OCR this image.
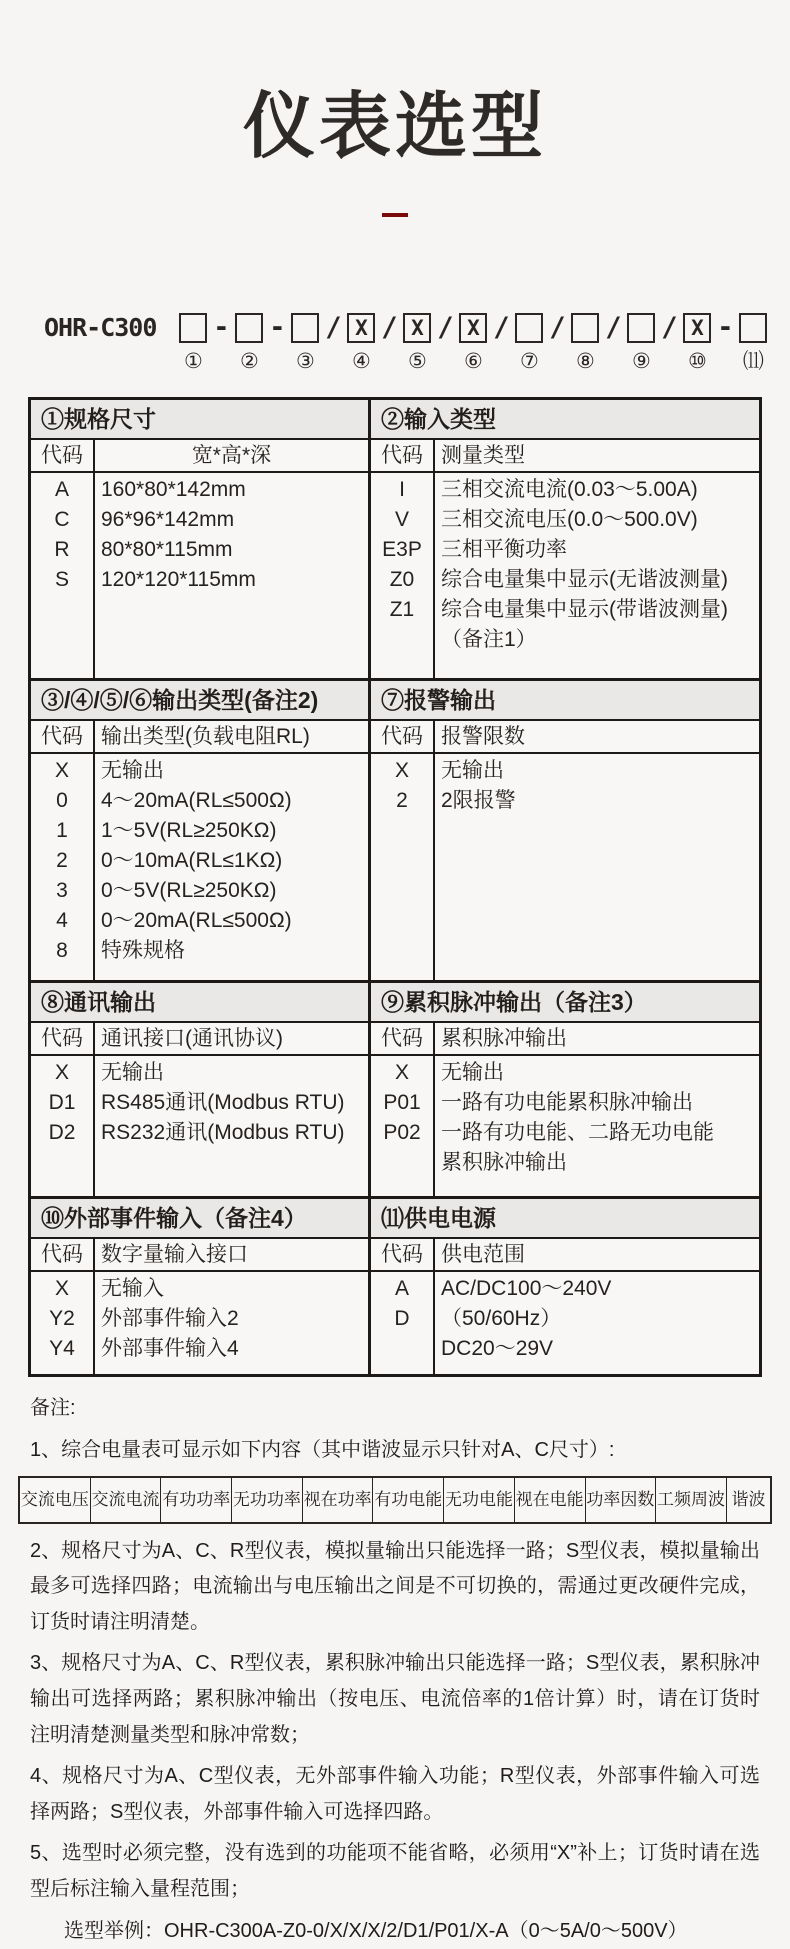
仪表选型
OHR-C300
①
-
②
-
③
/ X
④
/ X
⑤
/ X
⑥
/
⑦
/
⑧
/
⑨
/ X
⑩
-
⑾
①规格尺寸
代码	宽*高*深
A
C
R
S
160*80*142mm
96*96*142mm
80*80*115mm
120*120*115mm
②输入类型
代码 测量类型
I
V
E3P
Z0
Z1
三相交流电流(0.03～5.00A)
三相交流电压(0.0～500.0V)
三相平衡功率
综合电量集中显示(无谐波测量)
综合电量集中显示(带谐波测量)
（备注1）
③/④/⑤/⑥输出类型(备注2)
代码 输出类型(负载电阻RL)
X
0
1
2
3
4
8
无输出
4～20mA(RL≤500Ω)
1～5V(RL≥250KΩ)
0～10mA(RL≤1KΩ)
0～5V(RL≥250KΩ)
0～20mA(RL≤500Ω)
特殊规格
⑦报警输出
代码 报警限数
X
2
无输出
2限报警
⑧通讯输出
代码 通讯接口(通讯协议)
X
D1
D2
无输出
RS485通讯(Modbus RTU)
RS232通讯(Modbus RTU)
⑨累积脉冲输出（备注3）
代码 累积脉冲输出
X
P01
P02
无输出
一路有功电能累积脉冲输出
一路有功电能、二路无功电能
累积脉冲输出
⑩外部事件输入（备注4）
代码 数字量输入接口
X
Y2
Y4
无输入
外部事件输入2
外部事件输入4
⑾供电电源
代码 供电范围
A
D
AC/DC100～240V
（50/60Hz）
DC20～29V
备注:
1、综合电量表可显示如下内容（其中谐波显示只针对A、C尺寸）:
交流电压 交流电流 有功功率 无功功率 视在功率 有功电能 无功电能 视在电能 功率因数 工频周波 谐波
2、规格尺寸为A、C、R型仪表，模拟量输出只能选择一路；S型仪表，模拟量输出最多可选择四路；电流输出与电压输出之间是不可切换的，需通过更改硬件完成，订货时请注明清楚。
3、规格尺寸为A、C、R型仪表，累积脉冲输出只能选择一路；S型仪表，累积脉冲输出可选择两路；累积脉冲输出（按电压、电流倍率的1倍计算）时，请在订货时注明清楚测量类型和脉冲常数；
4、规格尺寸为A、C型仪表，无外部事件输入功能；R型仪表，外部事件输入可选择两路；S型仪表，外部事件输入可选择四路。
5、选型时必须完整，没有选到的功能项不能省略，必须用“X”补上；订货时请在选型后标注输入量程范围；
选型举例：OHR-C300A-Z0-0/X/X/X/2/D1/P01/X-A（0～5A/0～500V）
